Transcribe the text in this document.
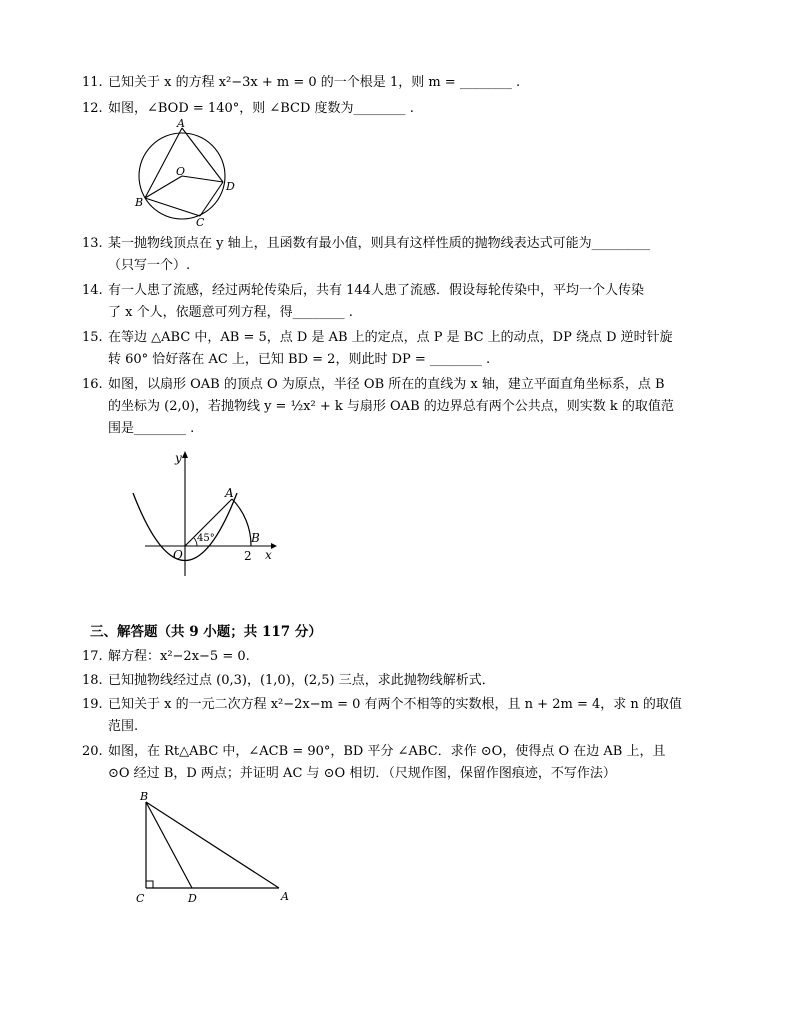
11. 已知关于 x 的方程 x²−3x + m = 0 的一个根是 1，则 m = ________ .
12. 如图，∠BOD = 140°，则 ∠BCD 度数为________ .
A
O
B
C
D
13. 某一抛物线顶点在 y 轴上，且函数有最小值，则具有这样性质的抛物线表达式可能为_________
（只写一个）.
14. 有一人患了流感，经过两轮传染后，共有 144人患了流感．假设每轮传染中，平均一个人传染
了 x 个人，依题意可列方程，得________ .
15. 在等边 △ABC 中，AB = 5，点 D 是 AB 上的定点，点 P 是 BC 上的动点，DP 绕点 D 逆时针旋
转 60° 恰好落在 AC 上，已知 BD = 2，则此时 DP = ________ .
16. 如图，以扇形 OAB 的顶点 O 为原点，半径 OB 所在的直线为 x 轴，建立平面直角坐标系，点 B
的坐标为 (2,0)，若抛物线 y = ½x² + k 与扇形 OAB 的边界总有两个公共点，则实数 k 的取值范
围是________ .
y
x
O
A
B
2
45°
三、解答题（共 9 小题；共 117 分）
17. 解方程：x²−2x−5 = 0.
18. 已知抛物线经过点 (0,3)，(1,0)，(2,5) 三点，求此抛物线解析式．
19. 已知关于 x 的一元二次方程 x²−2x−m = 0 有两个不相等的实数根，且 n + 2m = 4，求 n 的取值
范围.
20. 如图，在 Rt△ABC 中，∠ACB = 90°，BD 平分 ∠ABC．求作 ⊙O，使得点 O 在边 AB 上，且
⊙O 经过 B，D 两点；并证明 AC 与 ⊙O 相切．（尺规作图，保留作图痕迹，不写作法）
B
C	D	A
